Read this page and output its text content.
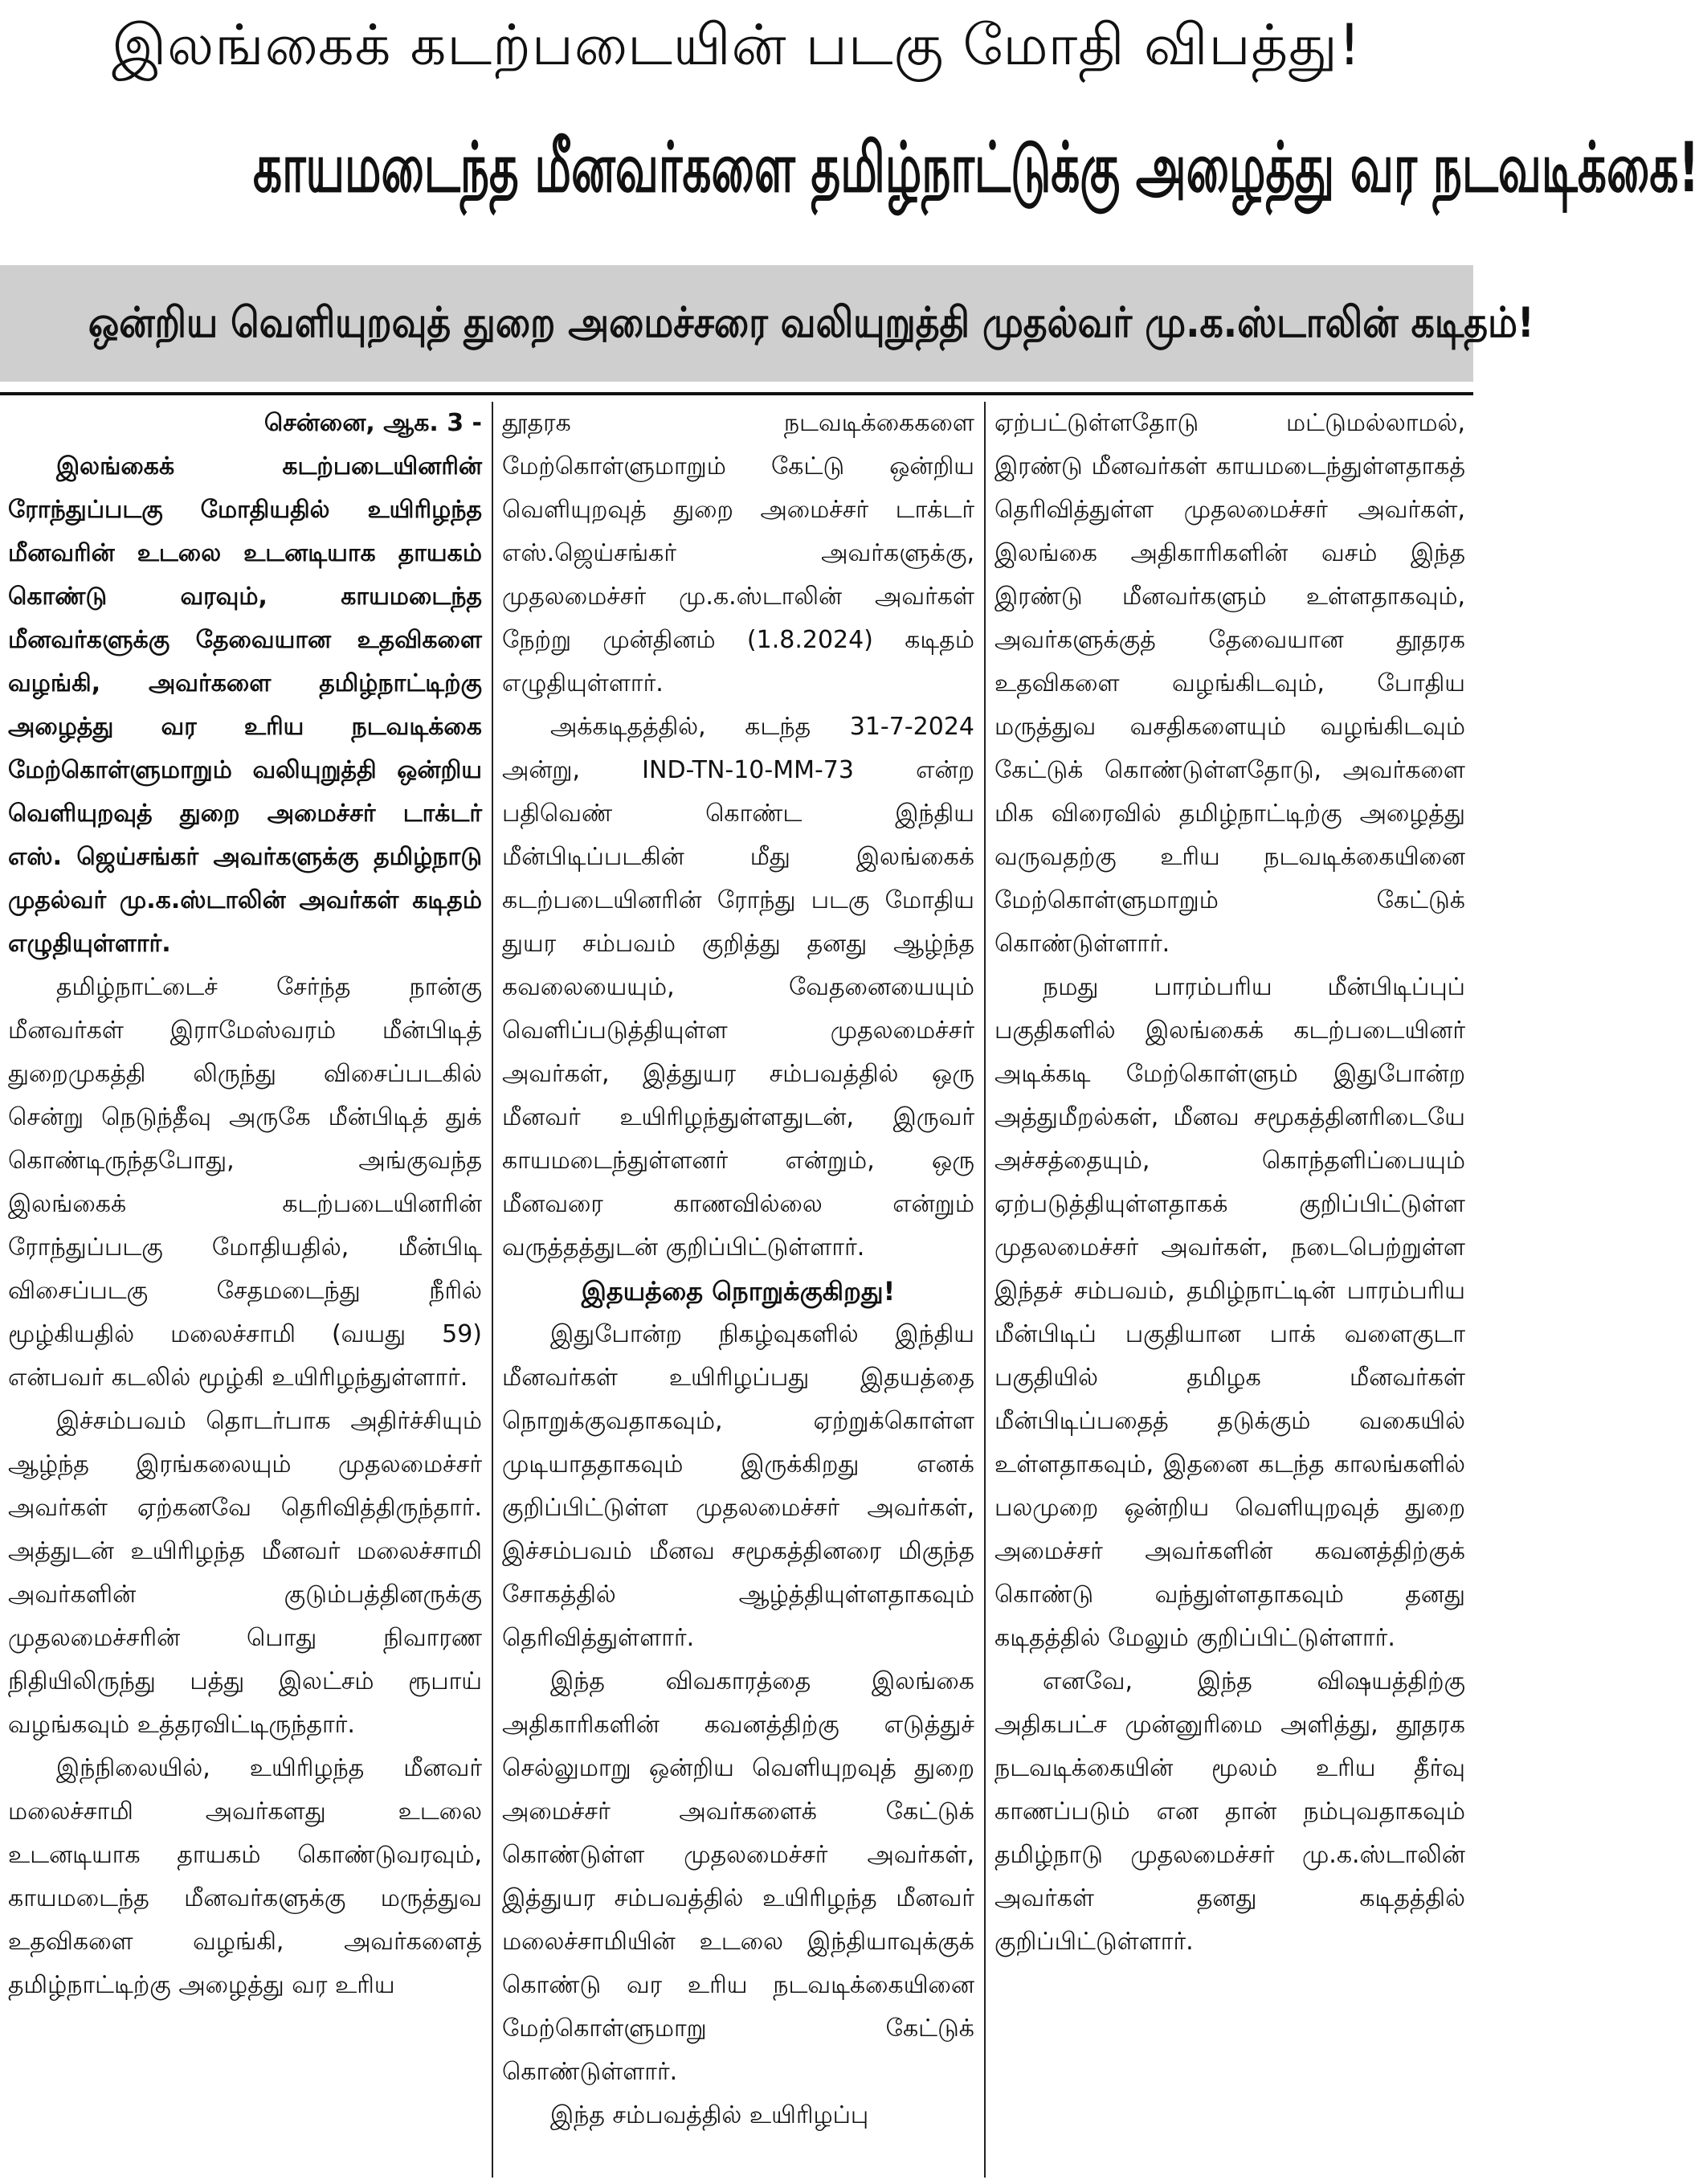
இலங்கைக் கடற்படையின் படகு மோதி விபத்து!
காயமடைந்த மீனவர்களை தமிழ்நாட்டுக்கு அழைத்து வர நடவடிக்கை!
ஒன்றிய வெளியுறவுத் துறை அமைச்சரை வலியுறுத்தி முதல்வர் மு.க.ஸ்டாலின் கடிதம்!

சென்னை, ஆக. 3 -

இலங்கைக் கடற்படையினரின் ரோந்துப்படகு மோதியதில் உயிரிழந்த மீனவரின் உடலை உடனடியாக தாயகம் கொண்டு வரவும், காயமடைந்த மீனவர்களுக்கு தேவையான உதவிகளை வழங்கி, அவர்களை தமிழ்நாட்டிற்கு அழைத்து வர உரிய நடவடிக்கை மேற்கொள்ளுமாறும் வலியுறுத்தி ஒன்றிய வெளியுறவுத் துறை அமைச்சர் டாக்டர் எஸ். ஜெய்சங்கர் அவர்களுக்கு தமிழ்நாடு முதல்வர் மு.க.ஸ்டாலின் அவர்கள் கடிதம் எழுதியுள்ளார்.

தமிழ்நாட்டைச் சேர்ந்த நான்கு மீனவர்கள் இராமேஸ்வரம் மீன்பிடித் துறைமுகத்தி லிருந்து விசைப்படகில் சென்று நெடுந்தீவு அருகே மீன்பிடித் துக் கொண்டிருந்தபோது, அங்குவந்த இலங்கைக் கடற்படையினரின் ரோந்துப்படகு மோதியதில், மீன்பிடி விசைப்படகு சேதமடைந்து நீரில் மூழ்கியதில் மலைச்சாமி (வயது 59) என்பவர் கடலில் மூழ்கி உயிரிழந்துள்ளார்.

இச்சம்பவம் தொடர்பாக அதிர்ச்சியும் ஆழ்ந்த இரங்கலையும் முதலமைச்சர் அவர்கள் ஏற்கனவே தெரிவித்திருந்தார். அத்துடன் உயிரிழந்த மீனவர் மலைச்சாமி அவர்களின் குடும்பத்தினருக்கு முதலமைச்சரின் பொது நிவாரண நிதியிலிருந்து பத்து இலட்சம் ரூபாய் வழங்கவும் உத்தரவிட்டிருந்தார்.

இந்நிலையில், உயிரிழந்த மீனவர் மலைச்சாமி அவர்களது உடலை உடனடியாக தாயகம் கொண்டுவரவும், காயமடைந்த மீனவர்களுக்கு மருத்துவ உதவிகளை வழங்கி, அவர்களைத் தமிழ்நாட்டிற்கு அழைத்து வர உரிய

தூதரக நடவடிக்கைகளை மேற்கொள்ளுமாறும் கேட்டு ஒன்றிய வெளியுறவுத் துறை அமைச்சர் டாக்டர் எஸ்.ஜெய்சங்கர் அவர்களுக்கு, முதலமைச்சர் மு.க.ஸ்டாலின் அவர்கள் நேற்று முன்தினம் (1.8.2024) கடிதம் எழுதியுள்ளார்.

அக்கடிதத்தில், கடந்த 31-7-2024 அன்று, IND-TN-10-MM-73 என்ற பதிவெண் கொண்ட இந்திய மீன்பிடிப்படகின் மீது இலங்கைக் கடற்படையினரின் ரோந்து படகு மோதிய துயர சம்பவம் குறித்து தனது ஆழ்ந்த கவலையையும், வேதனையையும் வெளிப்படுத்தியுள்ள முதலமைச்சர் அவர்கள், இத்துயர சம்பவத்தில் ஒரு மீனவர் உயிரிழந்துள்ளதுடன், இருவர் காயமடைந்துள்ளனர் என்றும், ஒரு மீனவரை காணவில்லை என்றும் வருத்தத்துடன் குறிப்பிட்டுள்ளார்.

இதயத்தை நொறுக்குகிறது!

இதுபோன்ற நிகழ்வுகளில் இந்திய மீனவர்கள் உயிரிழப்பது இதயத்தை நொறுக்குவதாகவும், ஏற்றுக்கொள்ள முடியாததாகவும் இருக்கிறது எனக் குறிப்பிட்டுள்ள முதலமைச்சர் அவர்கள், இச்சம்பவம் மீனவ சமூகத்தினரை மிகுந்த சோகத்தில் ஆழ்த்தியுள்ளதாகவும் தெரிவித்துள்ளார்.

இந்த விவகாரத்தை இலங்கை அதிகாரிகளின் கவனத்திற்கு எடுத்துச் செல்லுமாறு ஒன்றிய வெளியுறவுத் துறை அமைச்சர் அவர்களைக் கேட்டுக் கொண்டுள்ள முதலமைச்சர் அவர்கள், இத்துயர சம்பவத்தில் உயிரிழந்த மீனவர் மலைச்சாமியின் உடலை இந்தியாவுக்குக் கொண்டு வர உரிய நடவடிக்கையினை மேற்கொள்ளுமாறு கேட்டுக் கொண்டுள்ளார்.

இந்த சம்பவத்தில் உயிரிழப்பு

ஏற்பட்டுள்ளதோடு மட்டுமல்லாமல், இரண்டு மீனவர்கள் காயமடைந்துள்ளதாகத் தெரிவித்துள்ள முதலமைச்சர் அவர்கள், இலங்கை அதிகாரிகளின் வசம் இந்த இரண்டு மீனவர்களும் உள்ளதாகவும், அவர்களுக்குத் தேவையான தூதரக உதவிகளை வழங்கிடவும், போதிய மருத்துவ வசதிகளையும் வழங்கிடவும் கேட்டுக் கொண்டுள்ளதோடு, அவர்களை மிக விரைவில் தமிழ்நாட்டிற்கு அழைத்து வருவதற்கு உரிய நடவடிக்கையினை மேற்கொள்ளுமாறும் கேட்டுக் கொண்டுள்ளார்.

நமது பாரம்பரிய மீன்பிடிப்புப் பகுதிகளில் இலங்கைக் கடற்படையினர் அடிக்கடி மேற்கொள்ளும் இதுபோன்ற அத்துமீறல்கள், மீனவ சமூகத்தினரிடையே அச்சத்தையும், கொந்தளிப்பையும் ஏற்படுத்தியுள்ளதாகக் குறிப்பிட்டுள்ள முதலமைச்சர் அவர்கள், நடைபெற்றுள்ள இந்தச் சம்பவம், தமிழ்நாட்டின் பாரம்பரிய மீன்பிடிப் பகுதியான பாக் வளைகுடா பகுதியில் தமிழக மீனவர்கள் மீன்பிடிப்பதைத் தடுக்கும் வகையில் உள்ளதாகவும், இதனை கடந்த காலங்களில் பலமுறை ஒன்றிய வெளியுறவுத் துறை அமைச்சர் அவர்களின் கவனத்திற்குக் கொண்டு வந்துள்ளதாகவும் தனது கடிதத்தில் மேலும் குறிப்பிட்டுள்ளார்.

எனவே, இந்த விஷயத்திற்கு அதிகபட்ச முன்னுரிமை அளித்து, தூதரக நடவடிக்கையின் மூலம் உரிய தீர்வு காணப்படும் என தான் நம்புவதாகவும் தமிழ்நாடு முதலமைச்சர் மு.க.ஸ்டாலின் அவர்கள் தனது கடிதத்தில் குறிப்பிட்டுள்ளார்.
